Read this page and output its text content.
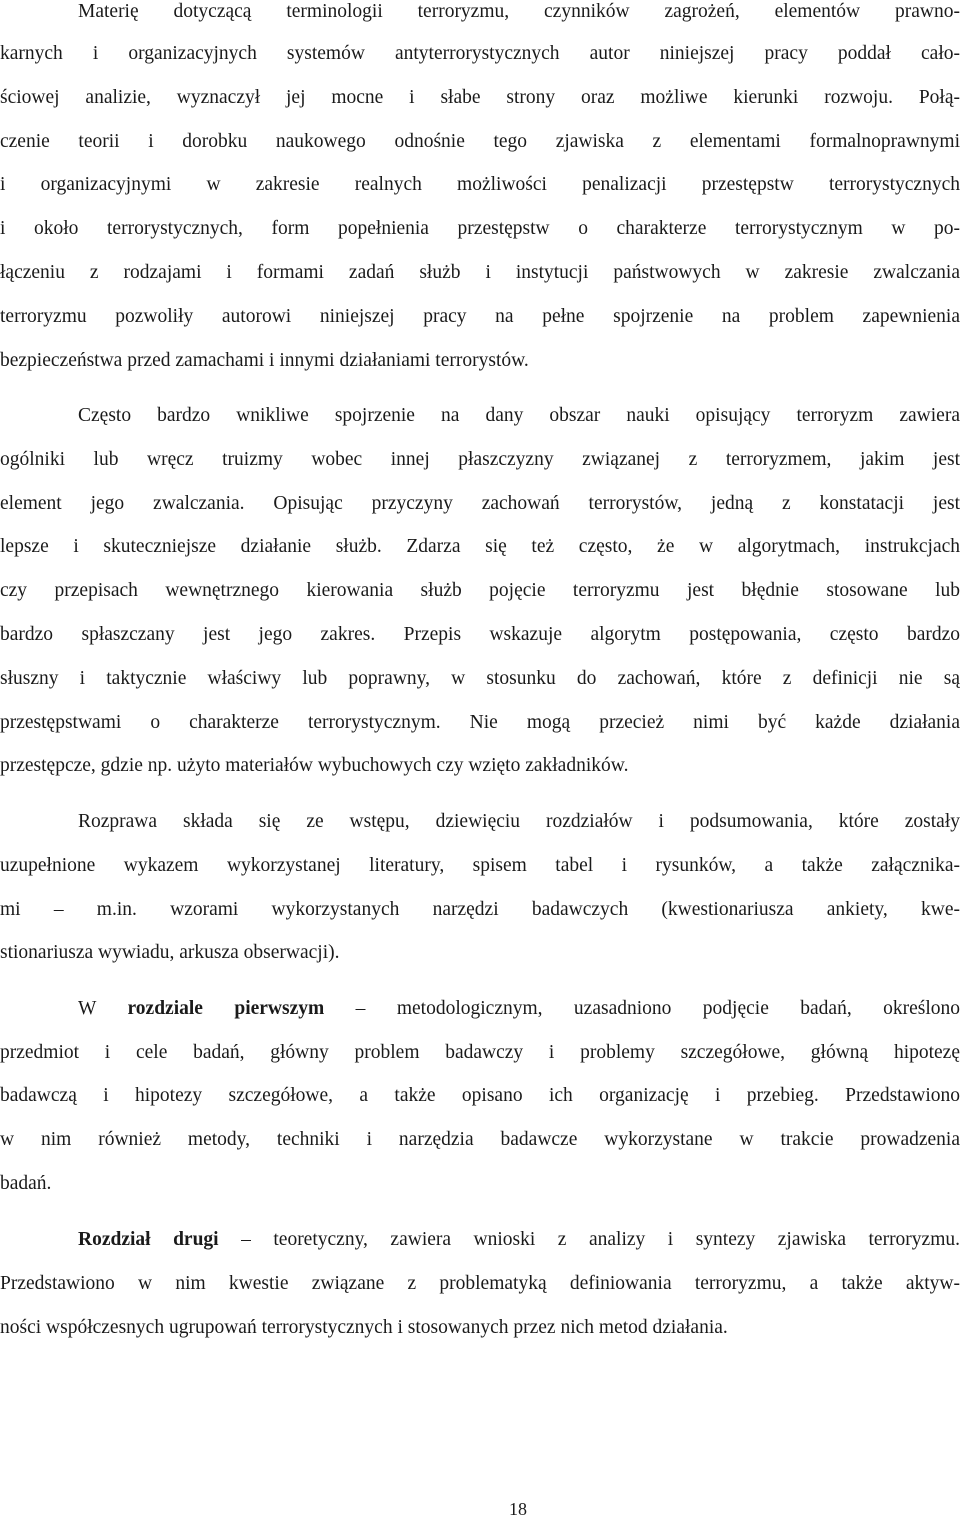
Materię dotyczącą terminologii terroryzmu, czynników zagrożeń, elementów prawno-
karnych i organizacyjnych systemów antyterrorystycznych autor niniejszej pracy poddał cało-
ściowej analizie, wyznaczył jej mocne i słabe strony oraz możliwe kierunki rozwoju. Połą-
czenie teorii i dorobku naukowego odnośnie tego zjawiska z elementami formalnoprawnymi
i organizacyjnymi w zakresie realnych możliwości penalizacji przestępstw terrorystycznych
i około terrorystycznych, form popełnienia przestępstw o charakterze terrorystycznym w po-
łączeniu z rodzajami i formami zadań służb i instytucji państwowych w zakresie zwalczania
terroryzmu pozwoliły autorowi niniejszej pracy na pełne spojrzenie na problem zapewnienia
bezpieczeństwa przed zamachami i innymi działaniami terrorystów.
Często bardzo wnikliwe spojrzenie na dany obszar nauki opisujący terroryzm zawiera
ogólniki lub wręcz truizmy wobec innej płaszczyzny związanej z terroryzmem, jakim jest
element jego zwalczania. Opisując przyczyny zachowań terrorystów, jedną z konstatacji jest
lepsze i skuteczniejsze działanie służb. Zdarza się też często, że w algorytmach, instrukcjach
czy przepisach wewnętrznego kierowania służb pojęcie terroryzmu jest błędnie stosowane lub
bardzo spłaszczany jest jego zakres. Przepis wskazuje algorytm postępowania, często bardzo
słuszny i taktycznie właściwy lub poprawny, w stosunku do zachowań, które z definicji nie są
przestępstwami o charakterze terrorystycznym. Nie mogą przecież nimi być każde działania
przestępcze, gdzie np. użyto materiałów wybuchowych czy wzięto zakładników.
Rozprawa składa się ze wstępu, dziewięciu rozdziałów i podsumowania, które zostały
uzupełnione wykazem wykorzystanej literatury, spisem tabel i rysunków, a także załącznika-
mi – m.in. wzorami wykorzystanych narzędzi badawczych (kwestionariusza ankiety, kwe-
stionariusza wywiadu, arkusza obserwacji).
W rozdziale pierwszym – metodologicznym, uzasadniono podjęcie badań, określono
przedmiot i cele badań, główny problem badawczy i problemy szczegółowe, główną hipotezę
badawczą i hipotezy szczegółowe, a także opisano ich organizację i przebieg. Przedstawiono
w nim również metody, techniki i narzędzia badawcze wykorzystane w trakcie prowadzenia
badań.
Rozdział drugi – teoretyczny, zawiera wnioski z analizy i syntezy zjawiska terroryzmu.
Przedstawiono w nim kwestie związane z problematyką definiowania terroryzmu, a także aktyw-
ności współczesnych ugrupowań terrorystycznych i stosowanych przez nich metod działania.
18
